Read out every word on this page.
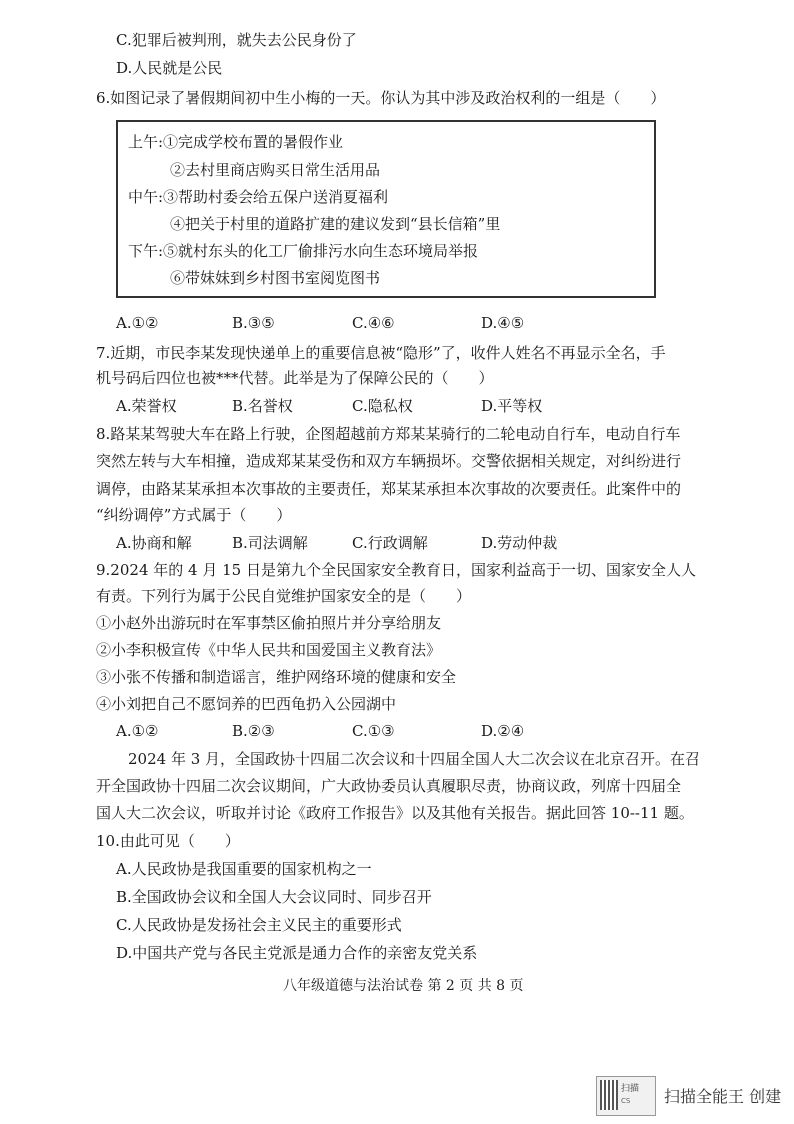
C.犯罪后被判刑，就失去公民身份了
D.人民就是公民
6.如图记录了暑假期间初中生小梅的一天。你认为其中涉及政治权利的一组是（　　）
上午:①完成学校布置的暑假作业
②去村里商店购买日常生活用品
中午:③帮助村委会给五保户送消夏福利
④把关于村里的道路扩建的建议发到“县长信箱”里
下午:⑤就村东头的化工厂偷排污水向生态环境局举报
⑥带妹妹到乡村图书室阅览图书
A.①②	B.③⑤	C.④⑥	D.④⑤
7.近期，市民李某发现快递单上的重要信息被“隐形”了，收件人姓名不再显示全名，手
机号码后四位也被***代替。此举是为了保障公民的（　　）
A.荣誉权	B.名誉权	C.隐私权	D.平等权
8.路某某驾驶大车在路上行驶，企图超越前方郑某某骑行的二轮电动自行车，电动自行车
突然左转与大车相撞，造成郑某某受伤和双方车辆损坏。交警依据相关规定，对纠纷进行
调停，由路某某承担本次事故的主要责任，郑某某承担本次事故的次要责任。此案件中的
“纠纷调停”方式属于（　　）
A.协商和解	B.司法调解	C.行政调解	D.劳动仲裁
9.2024 年的 4 月 15 日是第九个全民国家安全教育日，国家利益高于一切、国家安全人人
有责。下列行为属于公民自觉维护国家安全的是（　　）
①小赵外出游玩时在军事禁区偷拍照片并分享给朋友
②小李积极宣传《中华人民共和国爱国主义教育法》
③小张不传播和制造谣言，维护网络环境的健康和安全
④小刘把自己不愿饲养的巴西龟扔入公园湖中
A.①②	B.②③	C.①③	D.②④
2024 年 3 月，全国政协十四届二次会议和十四届全国人大二次会议在北京召开。在召
开全国政协十四届二次会议期间，广大政协委员认真履职尽责，协商议政，列席十四届全
国人大二次会议，听取并讨论《政府工作报告》以及其他有关报告。据此回答 10--11 题。
10.由此可见（　　）
A.人民政协是我国重要的国家机构之一
B.全国政协会议和全国人大会议同时、同步召开
C.人民政协是发扬社会主义民主的重要形式
D.中国共产党与各民主党派是通力合作的亲密友党关系
八年级道德与法治试卷 第 2 页 共 8 页
扫描
CS 扫描全能王 创建
